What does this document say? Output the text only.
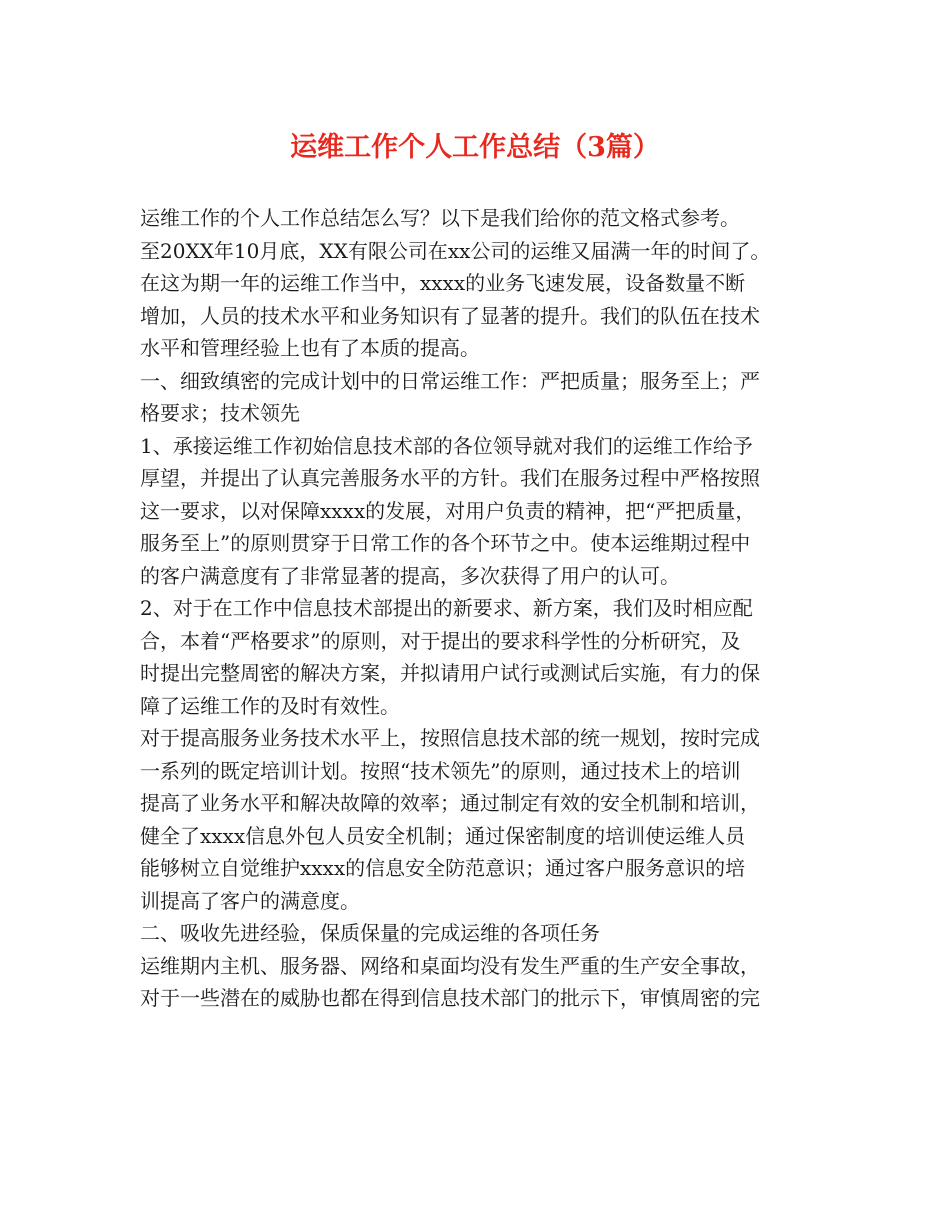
运维工作个人工作总结（3篇）
运维工作的个人工作总结怎么写？以下是我们给你的范文格式参考。
至20XX年10月底，XX有限公司在xx公司的运维又届满一年的时间了。
在这为期一年的运维工作当中，xxxx的业务飞速发展，设备数量不断
增加，人员的技术水平和业务知识有了显著的提升。我们的队伍在技术
水平和管理经验上也有了本质的提高。
一、细致缜密的完成计划中的日常运维工作：严把质量；服务至上；严
格要求；技术领先
1、承接运维工作初始信息技术部的各位领导就对我们的运维工作给予
厚望，并提出了认真完善服务水平的方针。我们在服务过程中严格按照
这一要求，以对保障xxxx的发展，对用户负责的精神，把“严把质量，
服务至上”的原则贯穿于日常工作的各个环节之中。使本运维期过程中
的客户满意度有了非常显著的提高，多次获得了用户的认可。
2、对于在工作中信息技术部提出的新要求、新方案，我们及时相应配
合，本着“严格要求”的原则，对于提出的要求科学性的分析研究，及
时提出完整周密的解决方案，并拟请用户试行或测试后实施，有力的保
障了运维工作的及时有效性。
对于提高服务业务技术水平上，按照信息技术部的统一规划，按时完成
一系列的既定培训计划。按照“技术领先”的原则，通过技术上的培训
提高了业务水平和解决故障的效率；通过制定有效的安全机制和培训，
健全了xxxx信息外包人员安全机制；通过保密制度的培训使运维人员
能够树立自觉维护xxxx的信息安全防范意识；通过客户服务意识的培
训提高了客户的满意度。
二、吸收先进经验，保质保量的完成运维的各项任务
运维期内主机、服务器、网络和桌面均没有发生严重的生产安全事故，
对于一些潜在的威胁也都在得到信息技术部门的批示下，审慎周密的完
